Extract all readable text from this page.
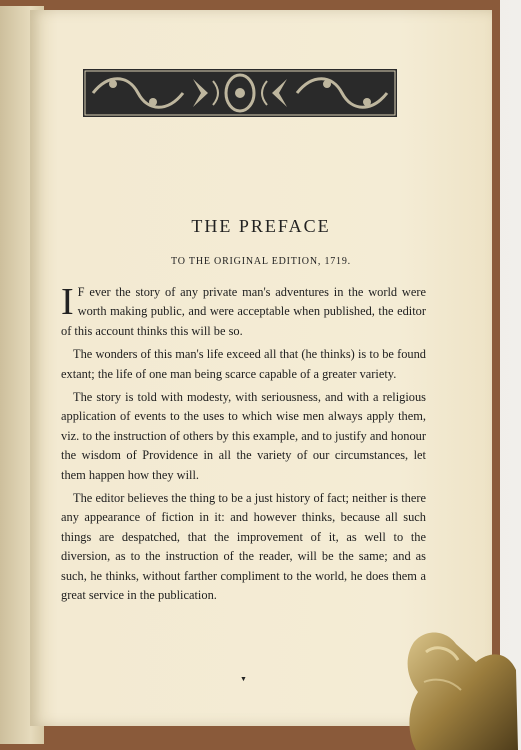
THE PREFACE
TO THE ORIGINAL EDITION, 1719.

I F ever the story of any private man's adventures in the world were worth making public, and were acceptable when published, the editor of this account thinks this will be so.

The wonders of this man's life exceed all that (he thinks) is to be found extant; the life of one man being scarce capable of a greater variety.

The story is told with modesty, with seriousness, and with a religious application of events to the uses to which wise men always apply them, viz. to the instruction of others by this example, and to justify and honour the wisdom of Providence in all the variety of our circumstances, let them happen how they will.

The editor believes the thing to be a just history of fact; neither is there any appearance of fiction in it: and however thinks, because all such things are despatched, that the improvement of it, as well to the diversion, as to the instruction of the reader, will be the same; and as such, he thinks, without farther compliment to the world, he does them a great service in the publication.

▼
